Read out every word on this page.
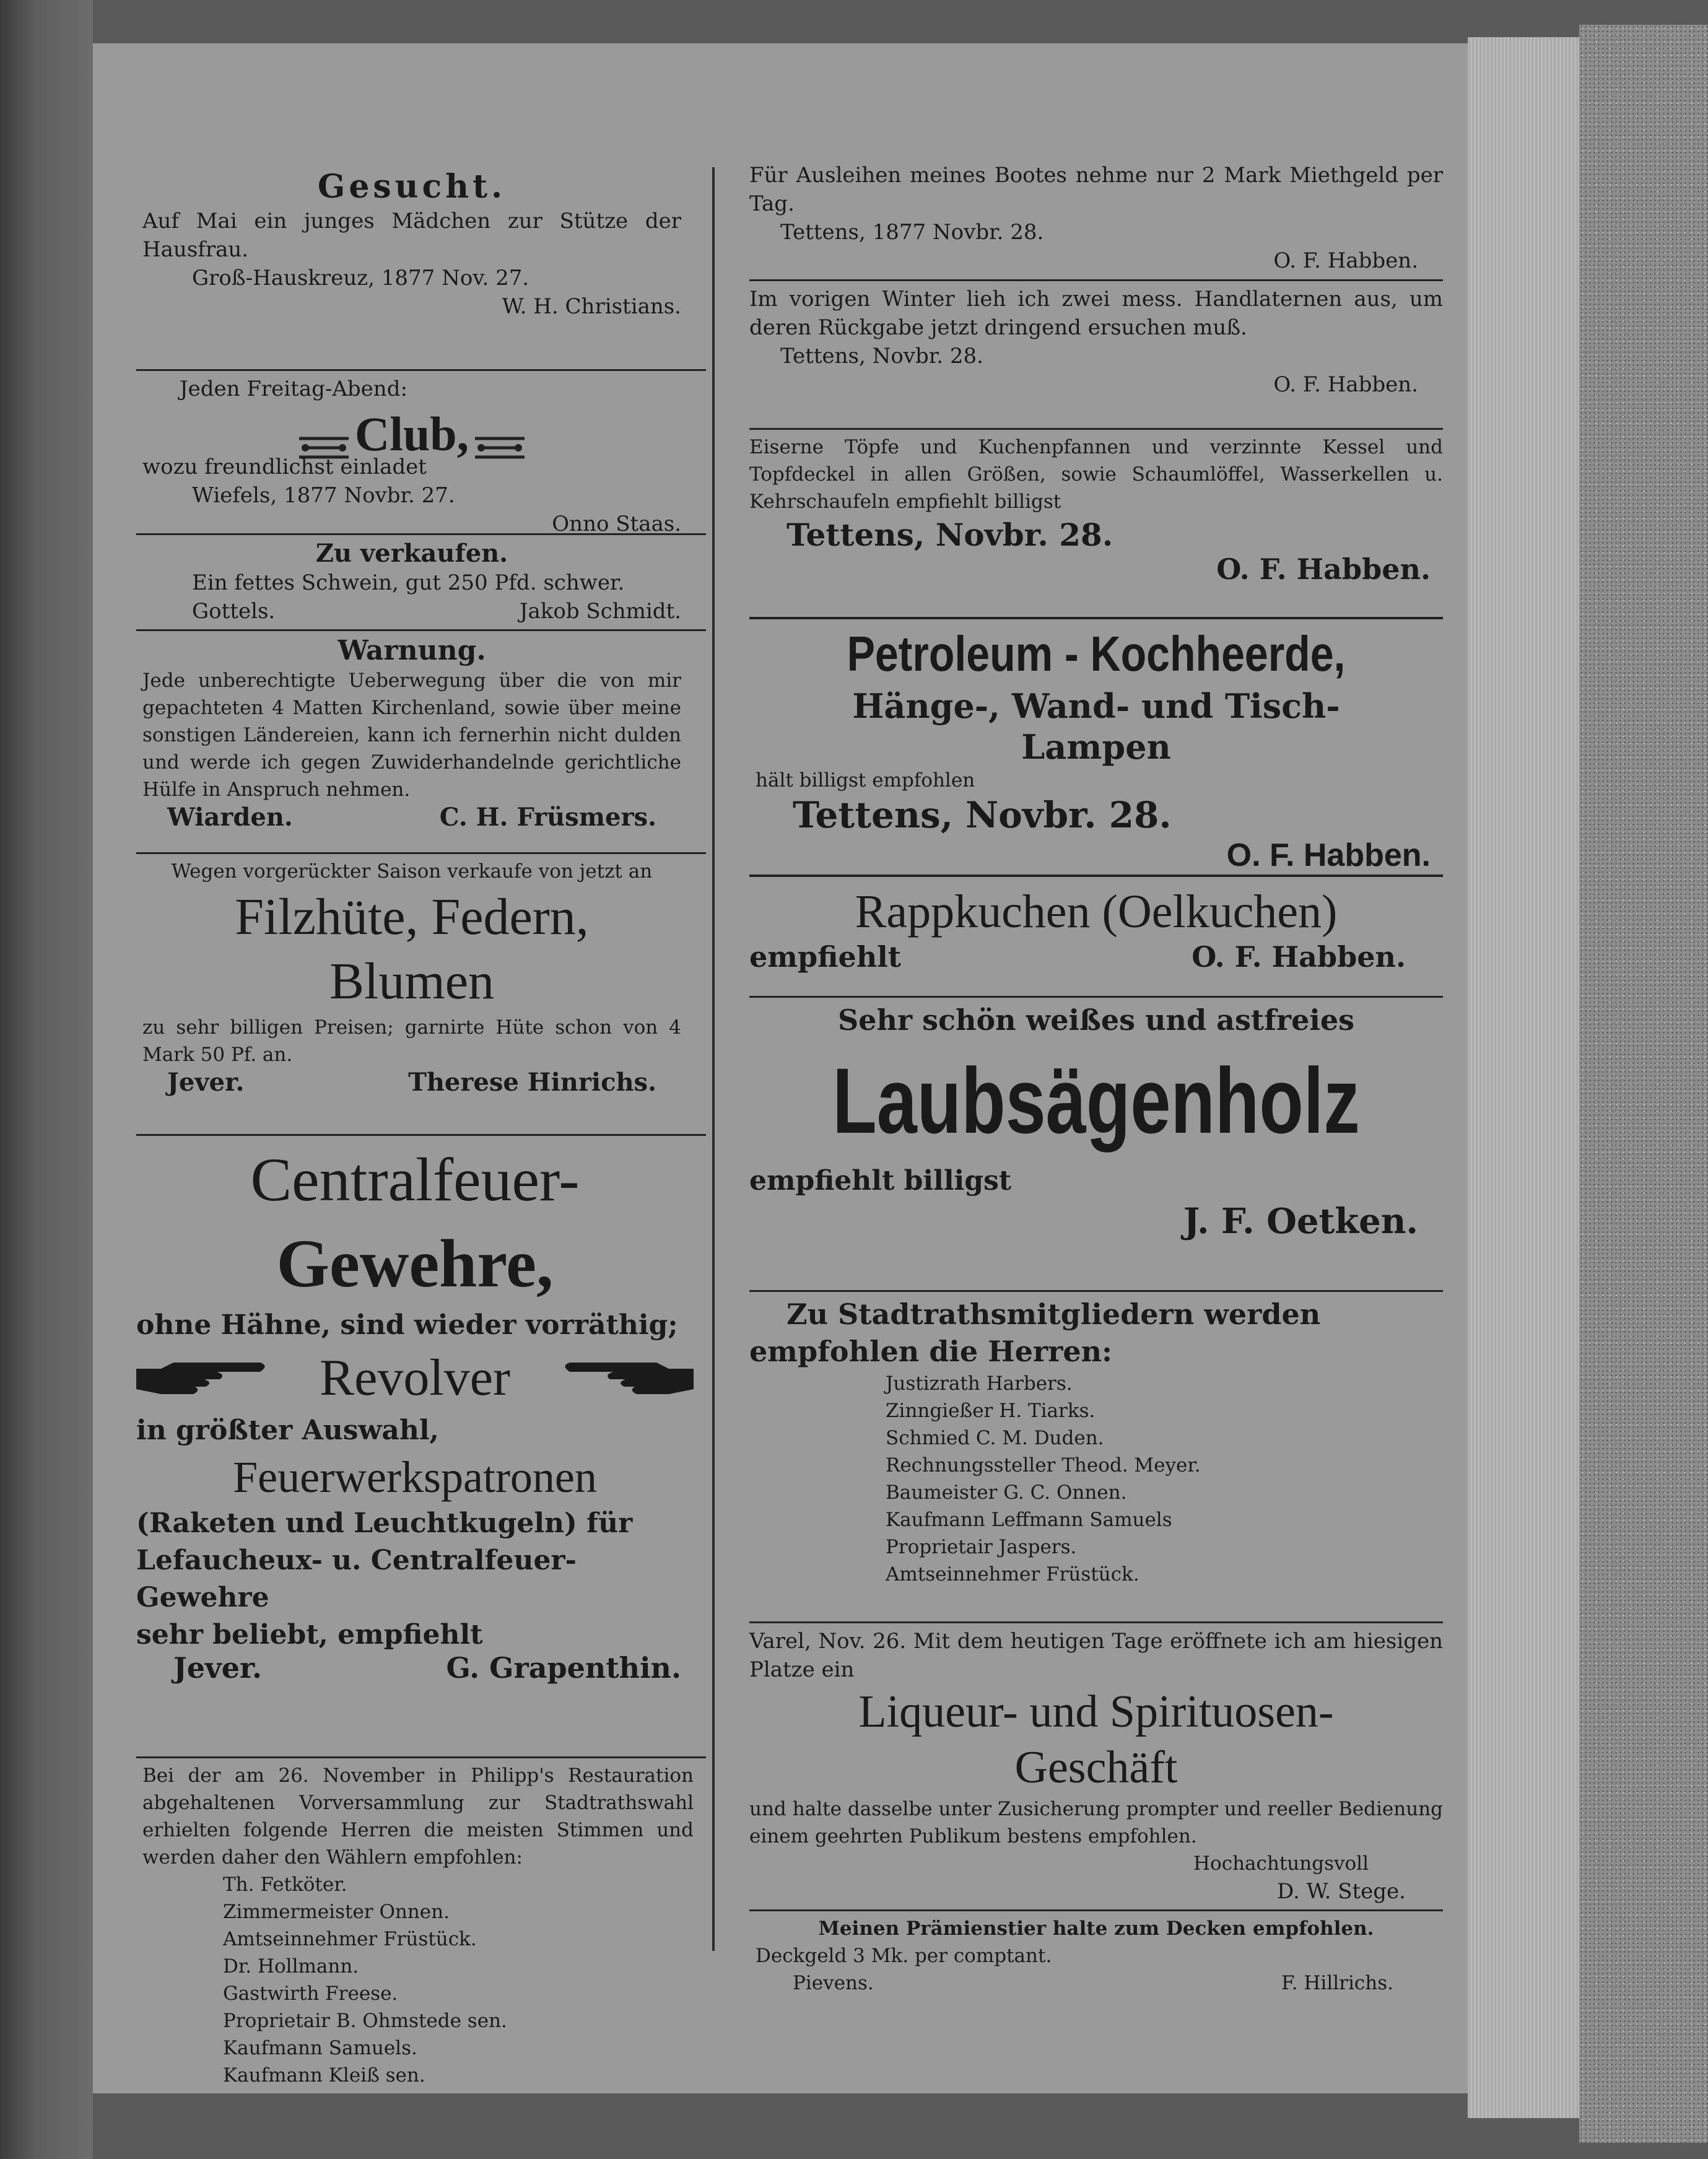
Gesucht.

Auf Mai ein junges Mädchen zur Stütze der Hausfrau.

Groß-Hauskreuz, 1877 Nov. 27.

W. H. Christians.

Jeden Freitag-Abend:

Club,

wozu freundlichst einladet

Wiefels, 1877 Novbr. 27.

Onno Staas.

Zu verkaufen.

Ein fettes Schwein, gut 250 Pfd. schwer.

Gottels.	Jakob Schmidt.

Warnung.

Jede unberechtigte Ueberwegung über die von mir gepachteten 4 Matten Kirchenland, sowie über meine sonstigen Ländereien, kann ich fernerhin nicht dulden und werde ich gegen Zuwiderhandelnde gerichtliche Hülfe in Anspruch nehmen.

Wiarden.	C. H. Früsmers.

Wegen vorgerückter Saison verkaufe von jetzt an

Filzhüte, Federn,

Blumen

zu sehr billigen Preisen; garnirte Hüte schon von 4 Mark 50 Pf. an.

Jever.	Therese Hinrichs.

Centralfeuer-

Gewehre,

ohne Hähne, sind wieder vorräthig;

Revolver

in größter Auswahl,

Feuerwerkspatronen

(Raketen und Leuchtkugeln) für

Lefaucheux- u. Centralfeuer-Gewehre

sehr beliebt, empfiehlt

Jever.	G. Grapenthin.

Bei der am 26. November in Philipp's Restauration abgehaltenen Vorversammlung zur Stadtrathswahl erhielten folgende Herren die meisten Stimmen und werden daher den Wählern empfohlen:

Th. Fetköter.

Zimmermeister Onnen.

Amtseinnehmer Früstück.

Dr. Hollmann.

Gastwirth Freese.

Proprietair B. Ohmstede sen.

Kaufmann Samuels.

Kaufmann Kleiß sen.

Für Ausleihen meines Bootes nehme nur 2 Mark Miethgeld per Tag.

Tettens, 1877 Novbr. 28.

O. F. Habben.

Im vorigen Winter lieh ich zwei mess. Handlaternen aus, um deren Rückgabe jetzt dringend ersuchen muß.

Tettens, Novbr. 28.

O. F. Habben.

Eiserne Töpfe und Kuchenpfannen und verzinnte Kessel und Topfdeckel in allen Größen, sowie Schaumlöffel, Wasserkellen u. Kehrschaufeln empfiehlt billigst

Tettens, Novbr. 28.

O. F. Habben.

Petroleum - Kochheerde,

Hänge-, Wand- und Tisch-

Lampen

hält billigst empfohlen

Tettens, Novbr. 28.

O. F. Habben.

Rappkuchen (Oelkuchen)

empfiehlt	O. F. Habben.

Sehr schön weißes und astfreies

Laubsägenholz

empfiehlt billigst

J. F. Oetken.

Zu Stadtrathsmitgliedern werden

empfohlen die Herren:

Justizrath Harbers.

Zinngießer H. Tiarks.

Schmied C. M. Duden.

Rechnungssteller Theod. Meyer.

Baumeister G. C. Onnen.

Kaufmann Leffmann Samuels

Proprietair Jaspers.

Amtseinnehmer Früstück.

Varel, Nov. 26. Mit dem heutigen Tage eröffnete ich am hiesigen Platze ein

Liqueur- und Spirituosen-

Geschäft

und halte dasselbe unter Zusicherung prompter und reeller Bedienung einem geehrten Publikum bestens empfohlen.

Hochachtungsvoll

D. W. Stege.

Meinen Prämienstier halte zum Decken empfohlen.

Deckgeld 3 Mk. per comptant.

Pievens.	F. Hillrichs.
